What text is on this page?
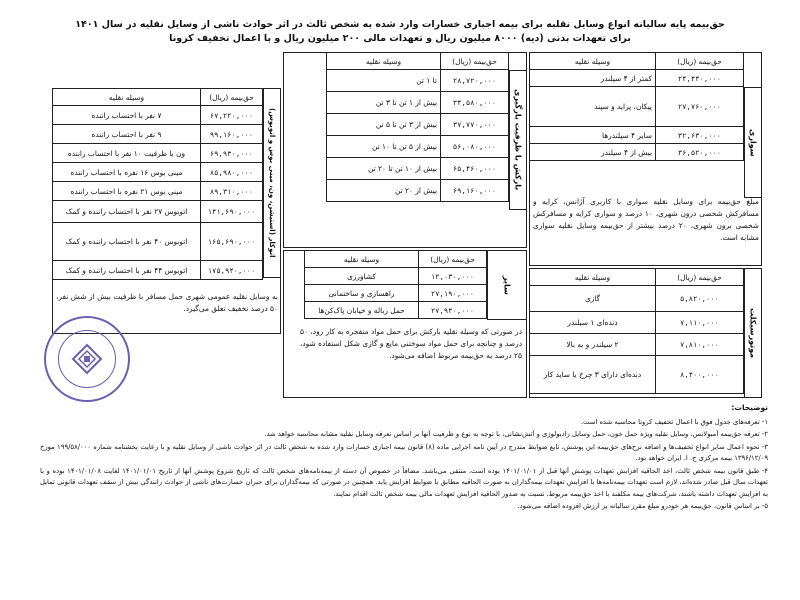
حق‌بیمه پایه سالیانه انواع وسایل نقلیه برای بیمه اجباری خسارات وارد شده به شخص ثالث در اثر حوادث ناشی از وسایل نقلیه در سال ۱۴۰۱
برای تعهدات بدنی (دیه) ۸۰۰۰ میلیون ریال و تعهدات مالی ۲۰۰ میلیون ریال و با اعمال تخفیف کرونا
سواری
حق‌بیمه (ریال)	وسیله نقلیه
۲۴,۴۴۰,۰۰۰	کمتر از ۴ سیلندر
۲۷,۷۶۰,۰۰۰	پیکان، پراید و سپند
۳۲,۶۳۰,۰۰۰	سایر ۴ سیلندرها
۳۶,۵۲۰,۰۰۰	بیش از ۴ سیلندر
مبلغ حق‌بیمه برای وسایل نقلیه سواری با کاربری آژانس، کرایه و مسافرکش شخصی درون شهری، ۱۰ درصد و سواری کرایه و مسافرکش شخصی برون شهری، ۲۰ درصد بیشتر از حق‌بیمه وسایل نقلیه سواری مشابه است.
موتورسیکلت
حق‌بیمه (ریال)	وسیله نقلیه
۵,۸۲۰,۰۰۰	گازی
۷,۱۱۰,۰۰۰	دنده‌ای ۱ سیلندر
۷,۸۱۰,۰۰۰	۲ سیلندر و به بالا
۸,۴۰۰,۰۰۰	دنده‌ای دارای ۳ چرخ یا ساید کار
بارکش با ظرفیت بارگیری
حق‌بیمه (ریال)	وسیله نقلیه
۲۸,۷۲۰,۰۰۰	تا ۱ تن
۳۴,۵۸۰,۰۰۰	بیش از ۱ تن تا ۳ تن
۳۷,۷۷۰,۰۰۰	بیش از ۳ تن تا ۵ تن
۵۶,۰۸۰,۰۰۰	بیش از ۵ تن تا ۱۰ تن
۶۵,۴۶۰,۰۰۰	بیش از ۱۰ تن تا ۲۰ تن
۶۹,۱۶۰,۰۰۰	بیش از ۲۰ تن
سایر
حق‌بیمه (ریال)	وسیله نقلیه
۱۲,۰۳۰,۰۰۰	کشاورزی
۲۷,۱۹۰,۰۰۰	راهسازی و ساختمانی
۲۷,۹۴۰,۰۰۰	حمل زباله و خیابان پاک‌کن‌ها
در صورتی که وسیله نقلیه بارکش برای حمل مواد منفجره به کار رود، ۵۰ درصد و چنانچه برای حمل مواد سوختنی مایع و گازی شکل استفاده شود، ۲۵ درصد به حق‌بیمه مربوط اضافه می‌شود.
اتوکار (استیشن، ون، مینی بوس و اتوبوس)
حق‌بیمه (ریال)	وسیله نقلیه
۶۷,۲۲۰,۰۰۰	۷ نفر با احتساب راننده
۹۹,۱۶۰,۰۰۰	۹ نفر با احتساب راننده
۶۹,۹۳۰,۰۰۰	ون با ظرفیت ۱۰ نفر با احتساب راننده
۸۵,۹۸۰,۰۰۰	مینی بوس ۱۶ نفره با احتساب راننده
۸۹,۳۱۰,۰۰۰	مینی بوس ۲۱ نفره با احتساب راننده
۱۴۱,۶۹۰,۰۰۰	اتوبوس ۲۷ نفر با احتساب راننده و کمک
۱۶۵,۶۹۰,۰۰۰	اتوبوس ۴۰ نفر با احتساب راننده و کمک
۱۷۵,۹۴۰,۰۰۰	اتوبوس ۴۴ نفر با احتساب راننده و کمک
به وسایل نقلیه عمومی شهری حمل مسافر با ظرفیت بیش از شش نفر، ۵۰ درصد تخفیف تعلق می‌گیرد.
توضیحات:
۱- تعرفه‌های جدول فوق با اعمال تخفیف کرونا محاسبه شده است.
۲- تعرفه حق‌بیمه آمبولانس، وسایل نقلیه ویژه حمل خون، حمل وسایل رادیولوژی و آتش‌نشانی، با توجه به نوع و ظرفیت آنها بر اساس تعرفه وسایل نقلیه مشابه محاسبه خواهد شد.
۳- نحوه اعمال سایر انواع تخفیف‌ها و اضافه نرخ‌های حق‌بیمه این پوشش، تابع ضوابط مندرج در آیین نامه اجرایی ماده (۸) قانون بیمه اجباری خسارات وارد شده به شخص ثالث در اثر حوادث ناشی از وسایل نقلیه و با رعایت بخشنامه شماره ۱۹۹/۵۸/۰۰۰ مورخ ۱۳۹۶/۱۲/۰۹ بیمه مرکزی ج. ا. ایران خواهد بود.
۴- طبق قانون بیمه شخص ثالث، اخذ الحاقیه افزایش تعهدات پوشش آنها قبل از ۱۴۰۱/۰۱/۰۱ بوده است، منتفی می‌باشد. مضافاً در خصوص آن دسته از بیمه‌نامه‌های شخص ثالث که تاریخ شروع پوشش آنها از تاریخ ۱۴۰۱/۰۱/۰۱ لغایت ۱۴۰۱/۰۱/۰۸ بوده و با تعهدات سال قبل صادر شده‌اند، لازم است تعهدات بیمه‌نامه‌ها با افزایش تعهدات بیمه‌گذاران به صورت الحاقیه مطابق با ضوابط افزایش یابد. همچنین در صورتی که بیمه‌گذاران برای جبران خسارت‌های ناشی از حوادث رانندگی بیش از سقف تعهدات قانونی تمایل به افزایش تعهدات داشته باشند، شرکت‌های بیمه مکلفند با اخذ حق‌بیمه مربوط، نسبت به صدور الحاقیه افزایش تعهدات مالی بیمه شخص ثالث اقدام نمایند.
۵- بر اساس قانون، حق‌بیمه هر خودرو مبلغ مقرر سالیانه بر ارزش افزوده اضافه می‌شود.
